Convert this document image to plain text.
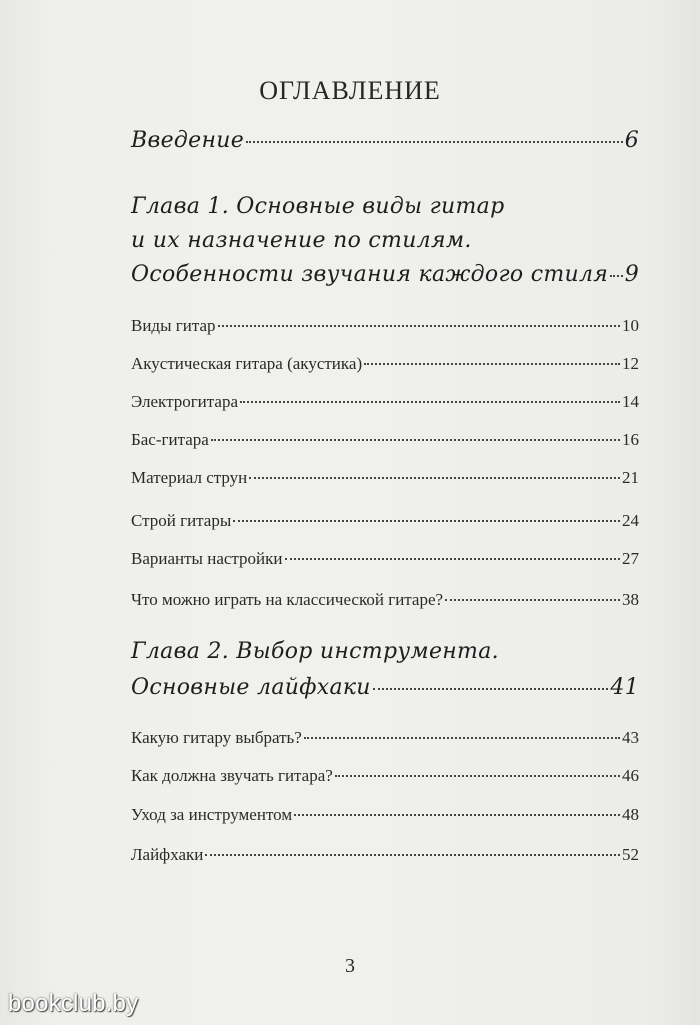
ОГЛАВЛЕНИЕ
Введение	6
Глава 1. Основные виды гитар
и их назначение по стилям.
Особенности звучания каждого стиля 9
Виды гитар	10
Акустическая гитара (акустика)	12
Электрогитара	14
Бас-гитара	16
Материал струн	21
Строй гитары	24
Варианты настройки	27
Что можно играть на классической гитаре?	38
Глава 2. Выбор инструмента.
Основные лайфхаки	41
Какую гитару выбрать?	43
Как должна звучать гитара?	46
Уход за инструментом	48
Лайфхаки	52
3
bookclub.by
